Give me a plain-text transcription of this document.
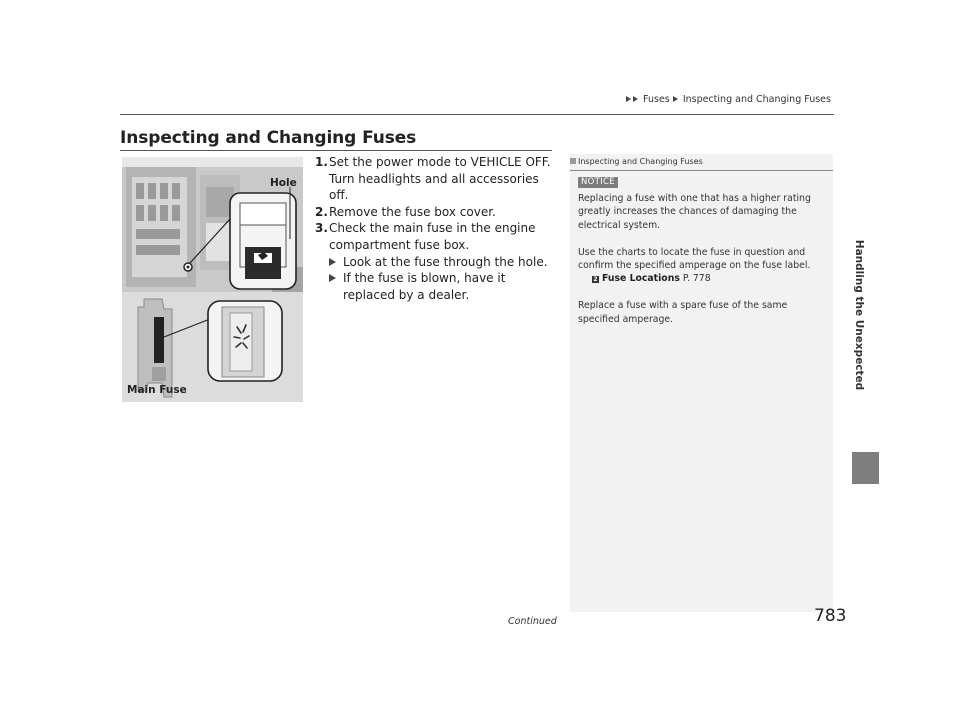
Fuses Inspecting and Changing Fuses
Inspecting and Changing Fuses
Hole
Main Fuse
1. Set the power mode to VEHICLE OFF. Turn headlights and all accessories off.
2. Remove the fuse box cover.
3. Check the main fuse in the engine compartment fuse box.
Look at the fuse through the hole.
If the fuse is blown, have it replaced by a dealer.
Inspecting and Changing Fuses
NOTICE
Replacing a fuse with one that has a higher rating greatly increases the chances of damaging the electrical system.
Use the charts to locate the fuse in question and confirm the specified amperage on the fuse label.
2 Fuse Locations P. 778
Replace a fuse with a spare fuse of the same specified amperage.	Handling the Unexpected
Continued	783
